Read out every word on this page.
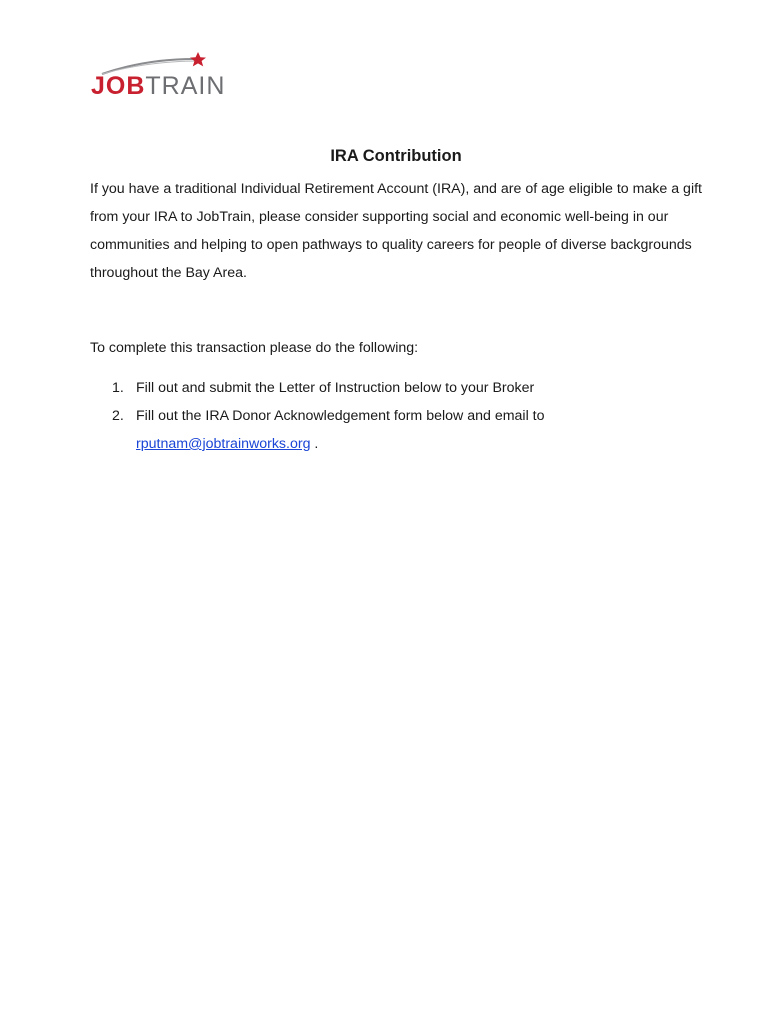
JOBTRAIN
IRA Contribution

If you have a traditional Individual Retirement Account (IRA), and are of age eligible to make a gift from your IRA to JobTrain, please consider supporting social and economic well-being in our communities and helping to open pathways to quality careers for people of diverse backgrounds throughout the Bay Area.

To complete this transaction please do the following:

1. Fill out and submit the Letter of Instruction below to your Broker
2. Fill out the IRA Donor Acknowledgement form below and email to
rputnam@jobtrainworks.org .
